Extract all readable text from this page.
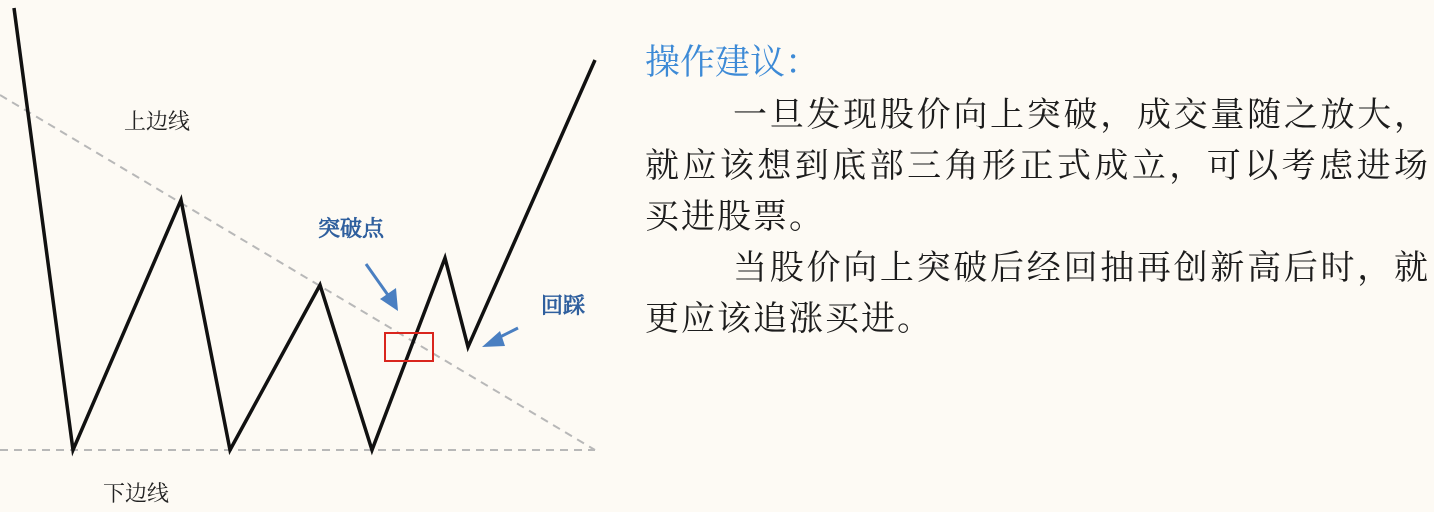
上边线
下边线
突破点
回踩
操作建议：

一旦发现股价向上突破，成交量随之放大，就应该想到底部三角形正式成立，可以考虑进场买进股票。

当股价向上突破后经回抽再创新高后时，就更应该追涨买进。
